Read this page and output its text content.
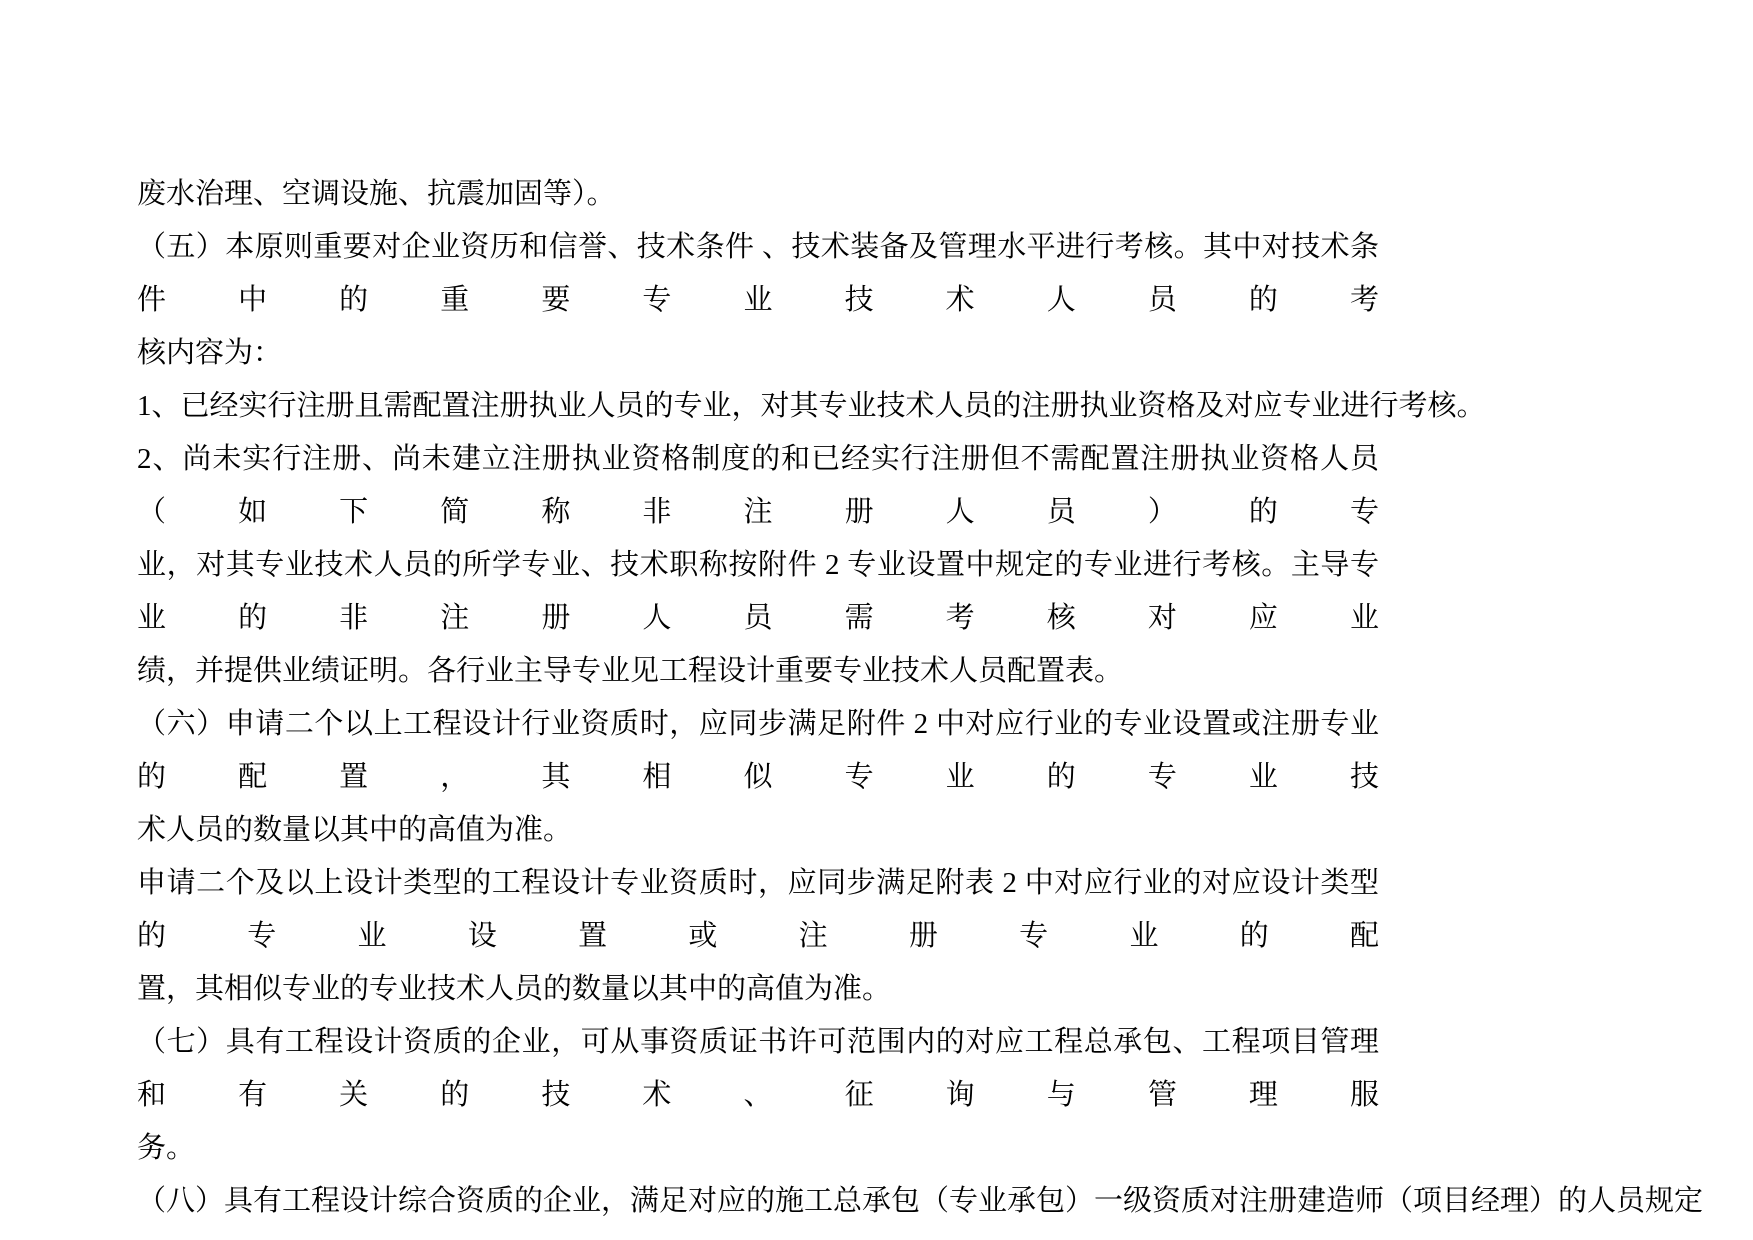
废水治理、空调设施、抗震加固等）。
（五）本原则重要对企业资历和信誉、技术条件 、技术装备及管理水平进行考核。其中对技术条件中的重要专业技术人员的考
核内容为：
1、已经实行注册且需配置注册执业人员的专业，对其专业技术人员的注册执业资格及对应专业进行考核。
2、尚未实行注册、尚未建立注册执业资格制度的和已经实行注册但不需配置注册执业资格人员（如下简称非注册人员）的专
业，对其专业技术人员的所学专业、技术职称按附件 2 专业设置中规定的专业进行考核。主导专业的非注册人员需考核对应业
绩，并提供业绩证明。各行业主导专业见工程设计重要专业技术人员配置表。
（六）申请二个以上工程设计行业资质时，应同步满足附件 2 中对应行业的专业设置或注册专业的配置，其相似专业的专业技
术人员的数量以其中的高值为准。
申请二个及以上设计类型的工程设计专业资质时，应同步满足附表 2 中对应行业的对应设计类型的专业设置或注册专业的配
置，其相似专业的专业技术人员的数量以其中的高值为准。
（七）具有工程设计资质的企业，可从事资质证书许可范围内的对应工程总承包、工程项目管理和有关的技术、征询与管理服
务。
（八）具有工程设计综合资质的企业，满足对应的施工总承包（专业承包）一级资质对注册建造师（项目经理）的人员规定
